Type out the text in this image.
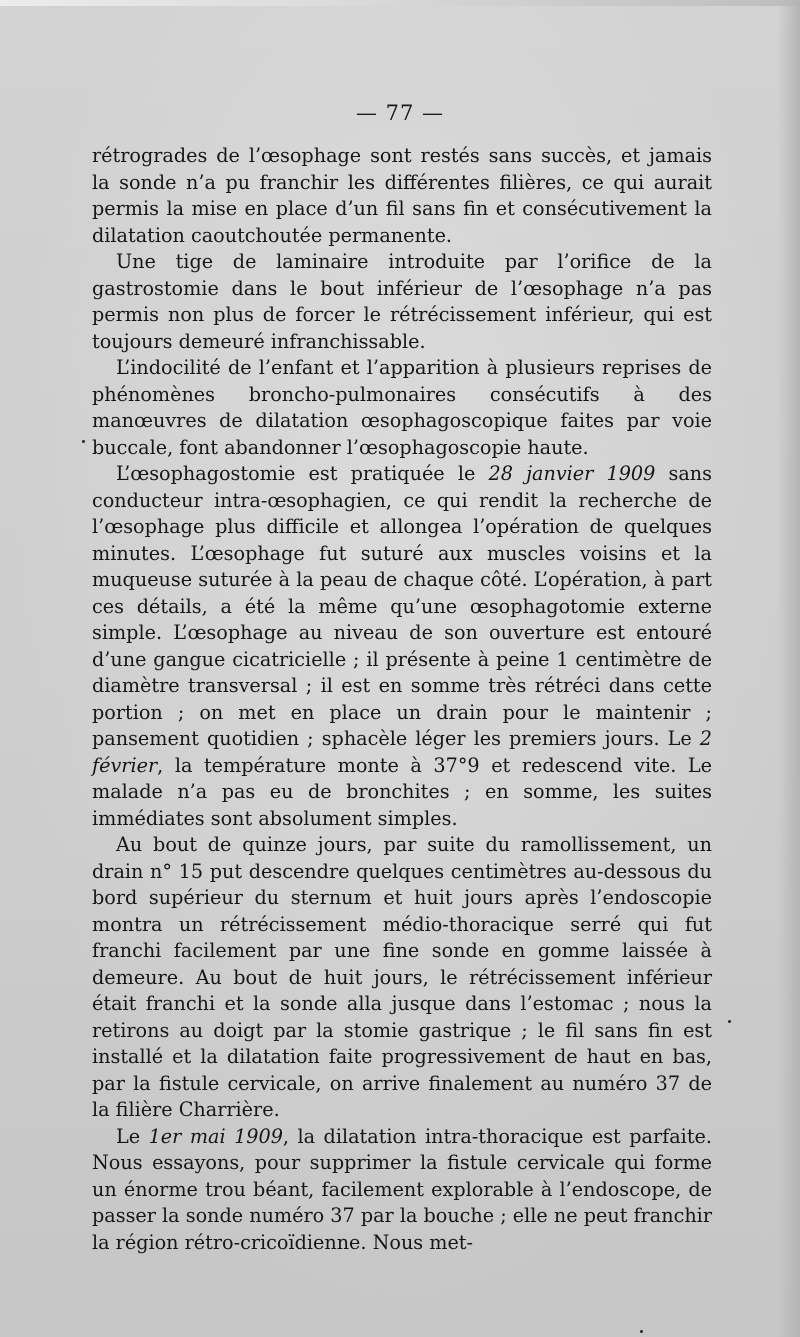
— 77 —

rétrogrades de l’œsophage sont restés sans succès, et jamais la sonde n’a pu franchir les différentes filières, ce qui aurait permis la mise en place d’un fil sans fin et consécutivement la dilatation caoutchoutée permanente.

Une tige de laminaire introduite par l’orifice de la gastrostomie dans le bout inférieur de l’œsophage n’a pas permis non plus de forcer le rétrécissement inférieur, qui est toujours demeuré infranchissable.

L’indocilité de l’enfant et l’apparition à plusieurs reprises de phénomènes broncho-pulmonaires consécutifs à des manœuvres de dilatation œsophagoscopique faites par voie buccale, font abandonner l’œsophagoscopie haute.

L’œsophagostomie est pratiquée le 28 janvier 1909 sans conducteur intra-œsophagien, ce qui rendit la recherche de l’œsophage plus difficile et allongea l’opération de quelques minutes. L’œsophage fut suturé aux muscles voisins et la muqueuse suturée à la peau de chaque côté. L’opération, à part ces détails, a été la même qu’une œsophagotomie externe simple. L’œsophage au niveau de son ouverture est entouré d’une gangue cicatricielle ; il présente à peine 1 centimètre de diamètre transversal ; il est en somme très rétréci dans cette portion ; on met en place un drain pour le maintenir ; pansement quotidien ; sphacèle léger les premiers jours. Le 2 février, la température monte à 37°9 et redescend vite. Le malade n’a pas eu de bronchites ; en somme, les suites immédiates sont absolument simples.

Au bout de quinze jours, par suite du ramollissement, un drain n° 15 put descendre quelques centimètres au-dessous du bord supérieur du sternum et huit jours après l’endoscopie montra un rétrécissement médio-thoracique serré qui fut franchi facilement par une fine sonde en gomme laissée à demeure. Au bout de huit jours, le rétrécissement inférieur était franchi et la sonde alla jusque dans l’estomac ; nous la retirons au doigt par la stomie gastrique ; le fil sans fin est installé et la dilatation faite progressivement de haut en bas, par la fistule cervicale, on arrive finalement au numéro 37 de la filière Charrière.

Le 1er mai 1909, la dilatation intra-thoracique est parfaite. Nous essayons, pour supprimer la fistule cervicale qui forme un énorme trou béant, facilement explorable à l’endoscope, de passer la sonde numéro 37 par la bouche ; elle ne peut franchir la région rétro-cricoïdienne. Nous met-
